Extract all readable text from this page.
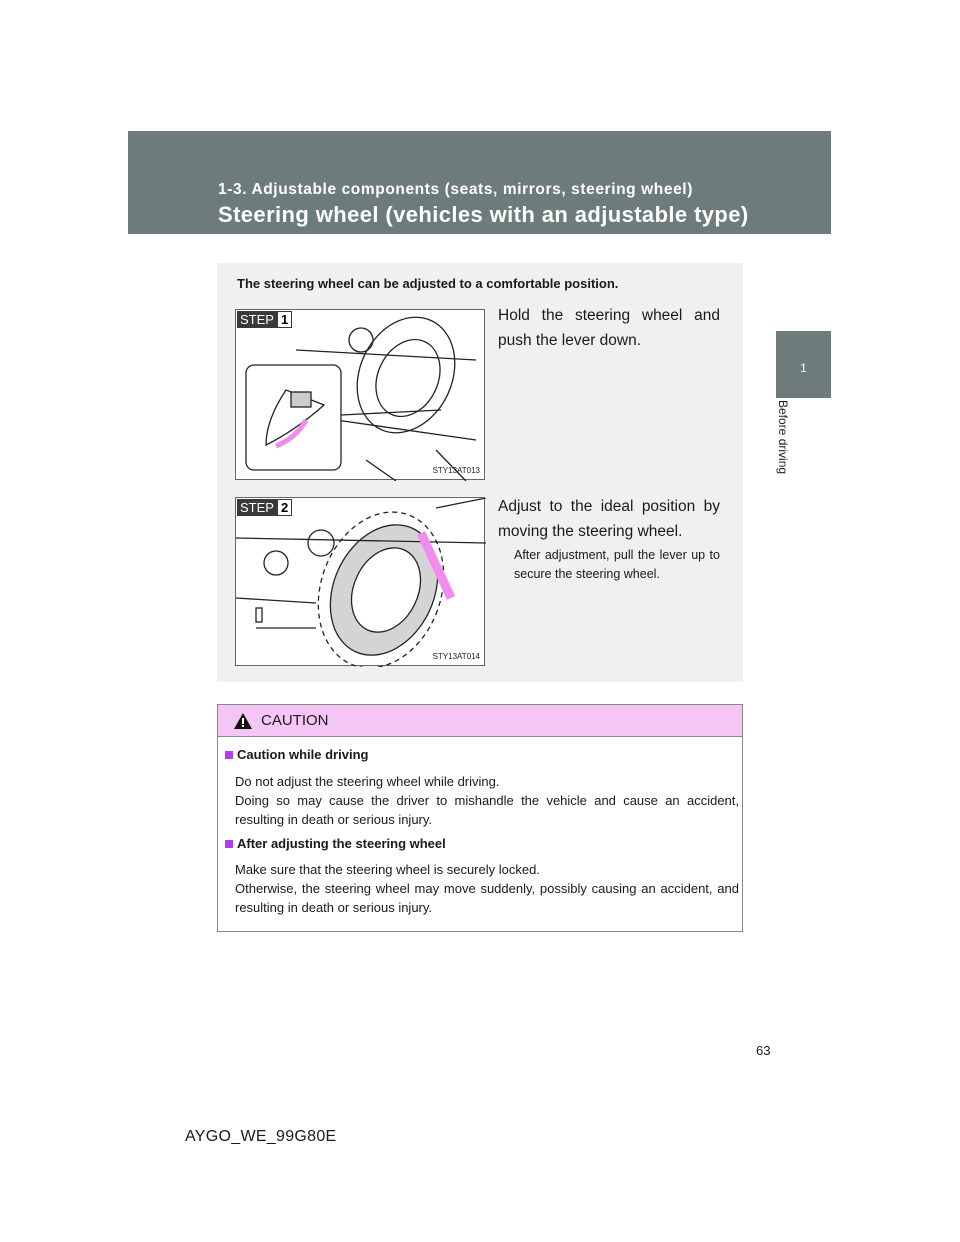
1-3. Adjustable components (seats, mirrors, steering wheel)
Steering wheel (vehicles with an adjustable type)
1
Before driving
The steering wheel can be adjusted to a comfortable position.
STEP 1
STY13AT013
Hold the steering wheel and push the lever down.
STEP 2
STY13AT014
Adjust to the ideal position by moving the steering wheel.
After adjustment, pull the lever up to secure the steering wheel.
CAUTION
Caution while driving
Do not adjust the steering wheel while driving.
Doing so may cause the driver to mishandle the vehicle and cause an accident, resulting in death or serious injury.
After adjusting the steering wheel
Make sure that the steering wheel is securely locked.
Otherwise, the steering wheel may move suddenly, possibly causing an accident, and resulting in death or serious injury.
63
AYGO_WE_99G80E
